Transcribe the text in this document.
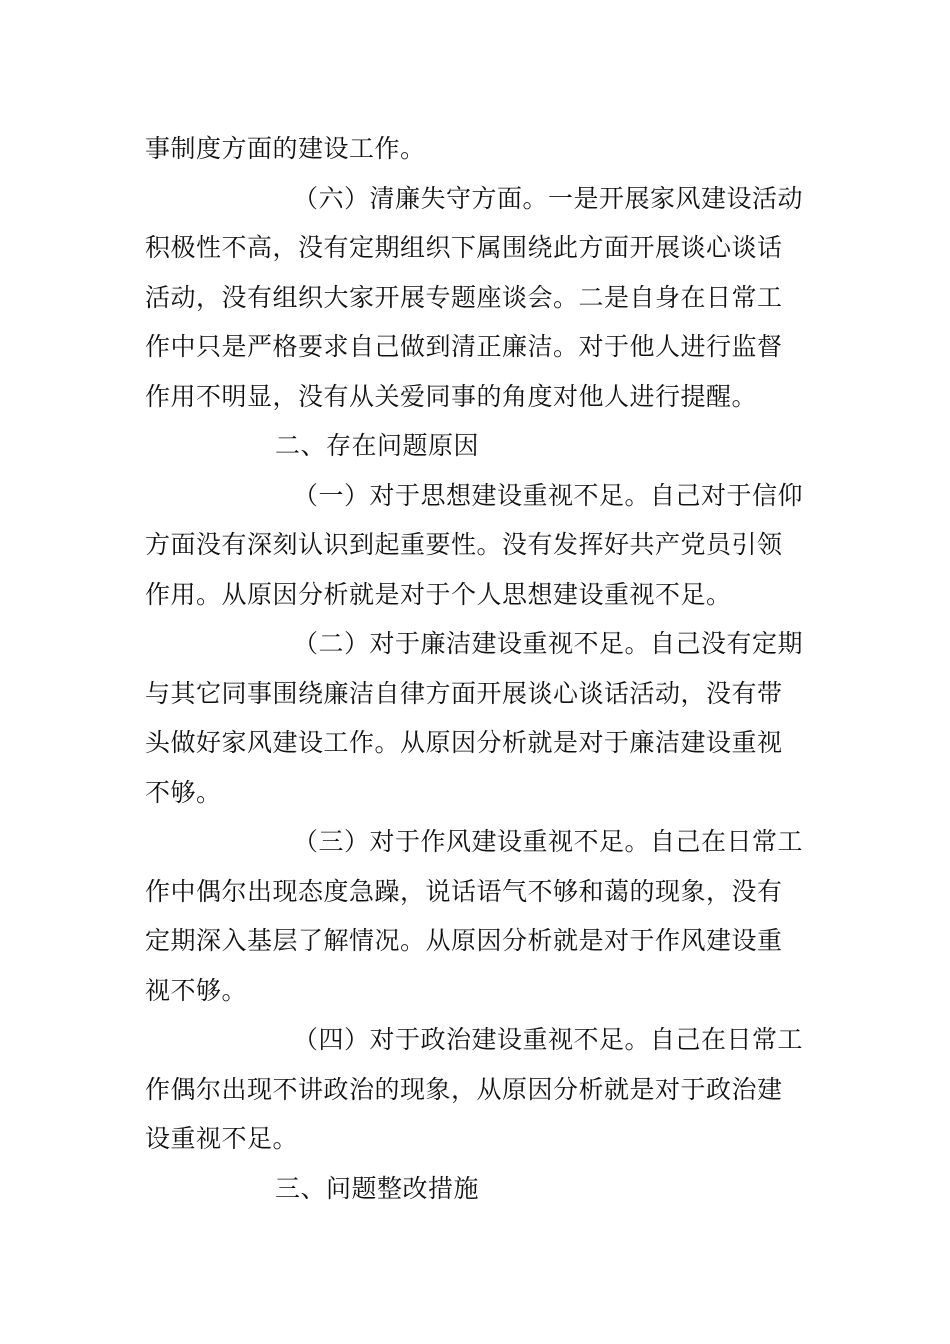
事制度方面的建设工作。
（六）清廉失守方面。一是开展家风建设活动
积极性不高，没有定期组织下属围绕此方面开展谈心谈话
活动，没有组织大家开展专题座谈会。二是自身在日常工
作中只是严格要求自己做到清正廉洁。对于他人进行监督
作用不明显，没有从关爱同事的角度对他人进行提醒。
二、存在问题原因
（一）对于思想建设重视不足。自己对于信仰
方面没有深刻认识到起重要性。没有发挥好共产党员引领
作用。从原因分析就是对于个人思想建设重视不足。
（二）对于廉洁建设重视不足。自己没有定期
与其它同事围绕廉洁自律方面开展谈心谈话活动，没有带
头做好家风建设工作。从原因分析就是对于廉洁建设重视
不够。
（三）对于作风建设重视不足。自己在日常工
作中偶尔出现态度急躁，说话语气不够和蔼的现象，没有
定期深入基层了解情况。从原因分析就是对于作风建设重
视不够。
（四）对于政治建设重视不足。自己在日常工
作偶尔出现不讲政治的现象，从原因分析就是对于政治建
设重视不足。
三、问题整改措施
